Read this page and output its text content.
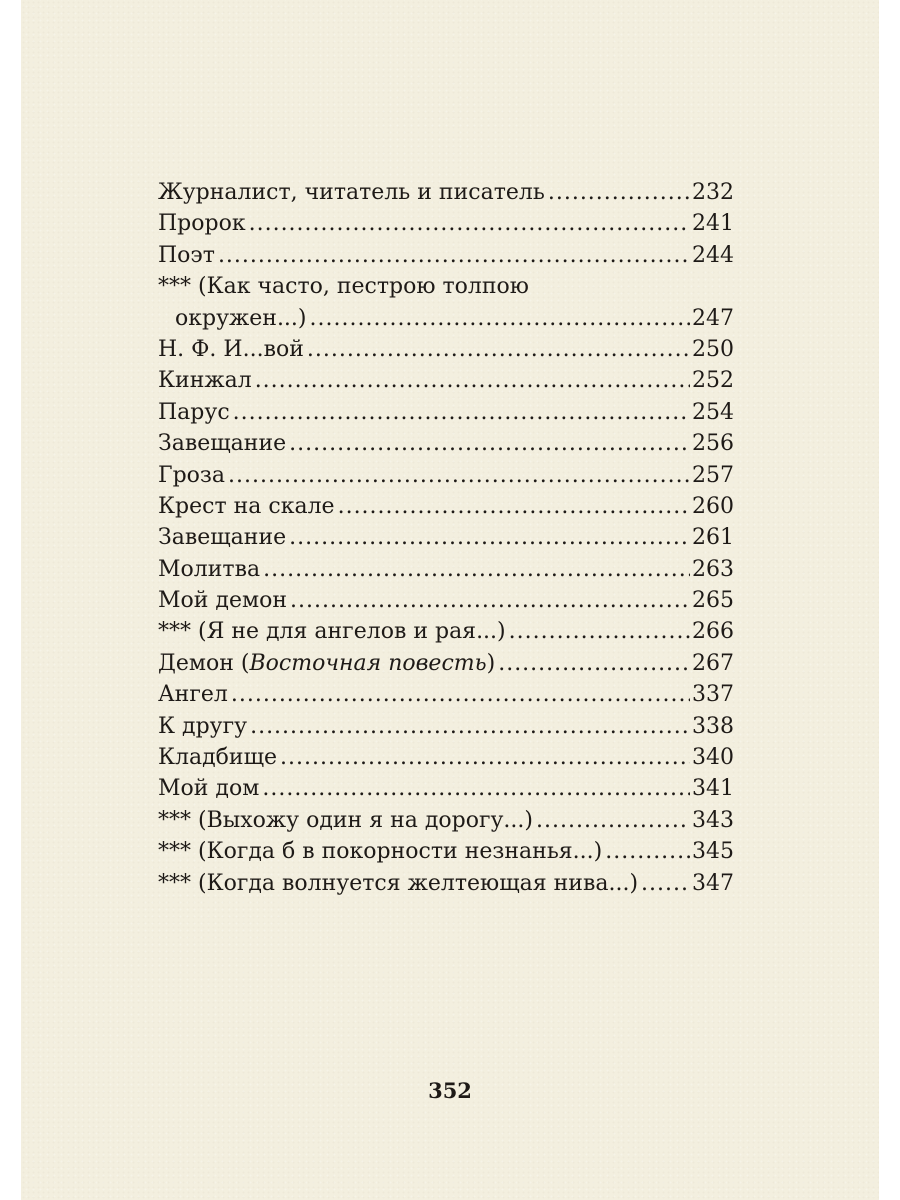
Журналист, читатель и писатель .....	232
Пророк .....	241
Поэт .....	244
*** (Как часто, пестрою толпою
окружен...) .....	247
Н. Ф. И...вой .....	250
Кинжал .....	252
Парус .....	254
Завещание .....	256
Гроза .....	257
Крест на скале .....	260
Завещание .....	261
Молитва .....	263
Мой демон .....	265
*** (Я не для ангелов и рая...) .....	266
Демон (Восточная повесть) .....	267
Ангел .....	337
К другу .....	338
Кладбище .....	340
Мой дом .....	341
*** (Выхожу один я на дорогу...) .....	343
*** (Когда б в покорности незнанья...) .....	345
*** (Когда волнуется желтеющая нива...) ..... 347
352
